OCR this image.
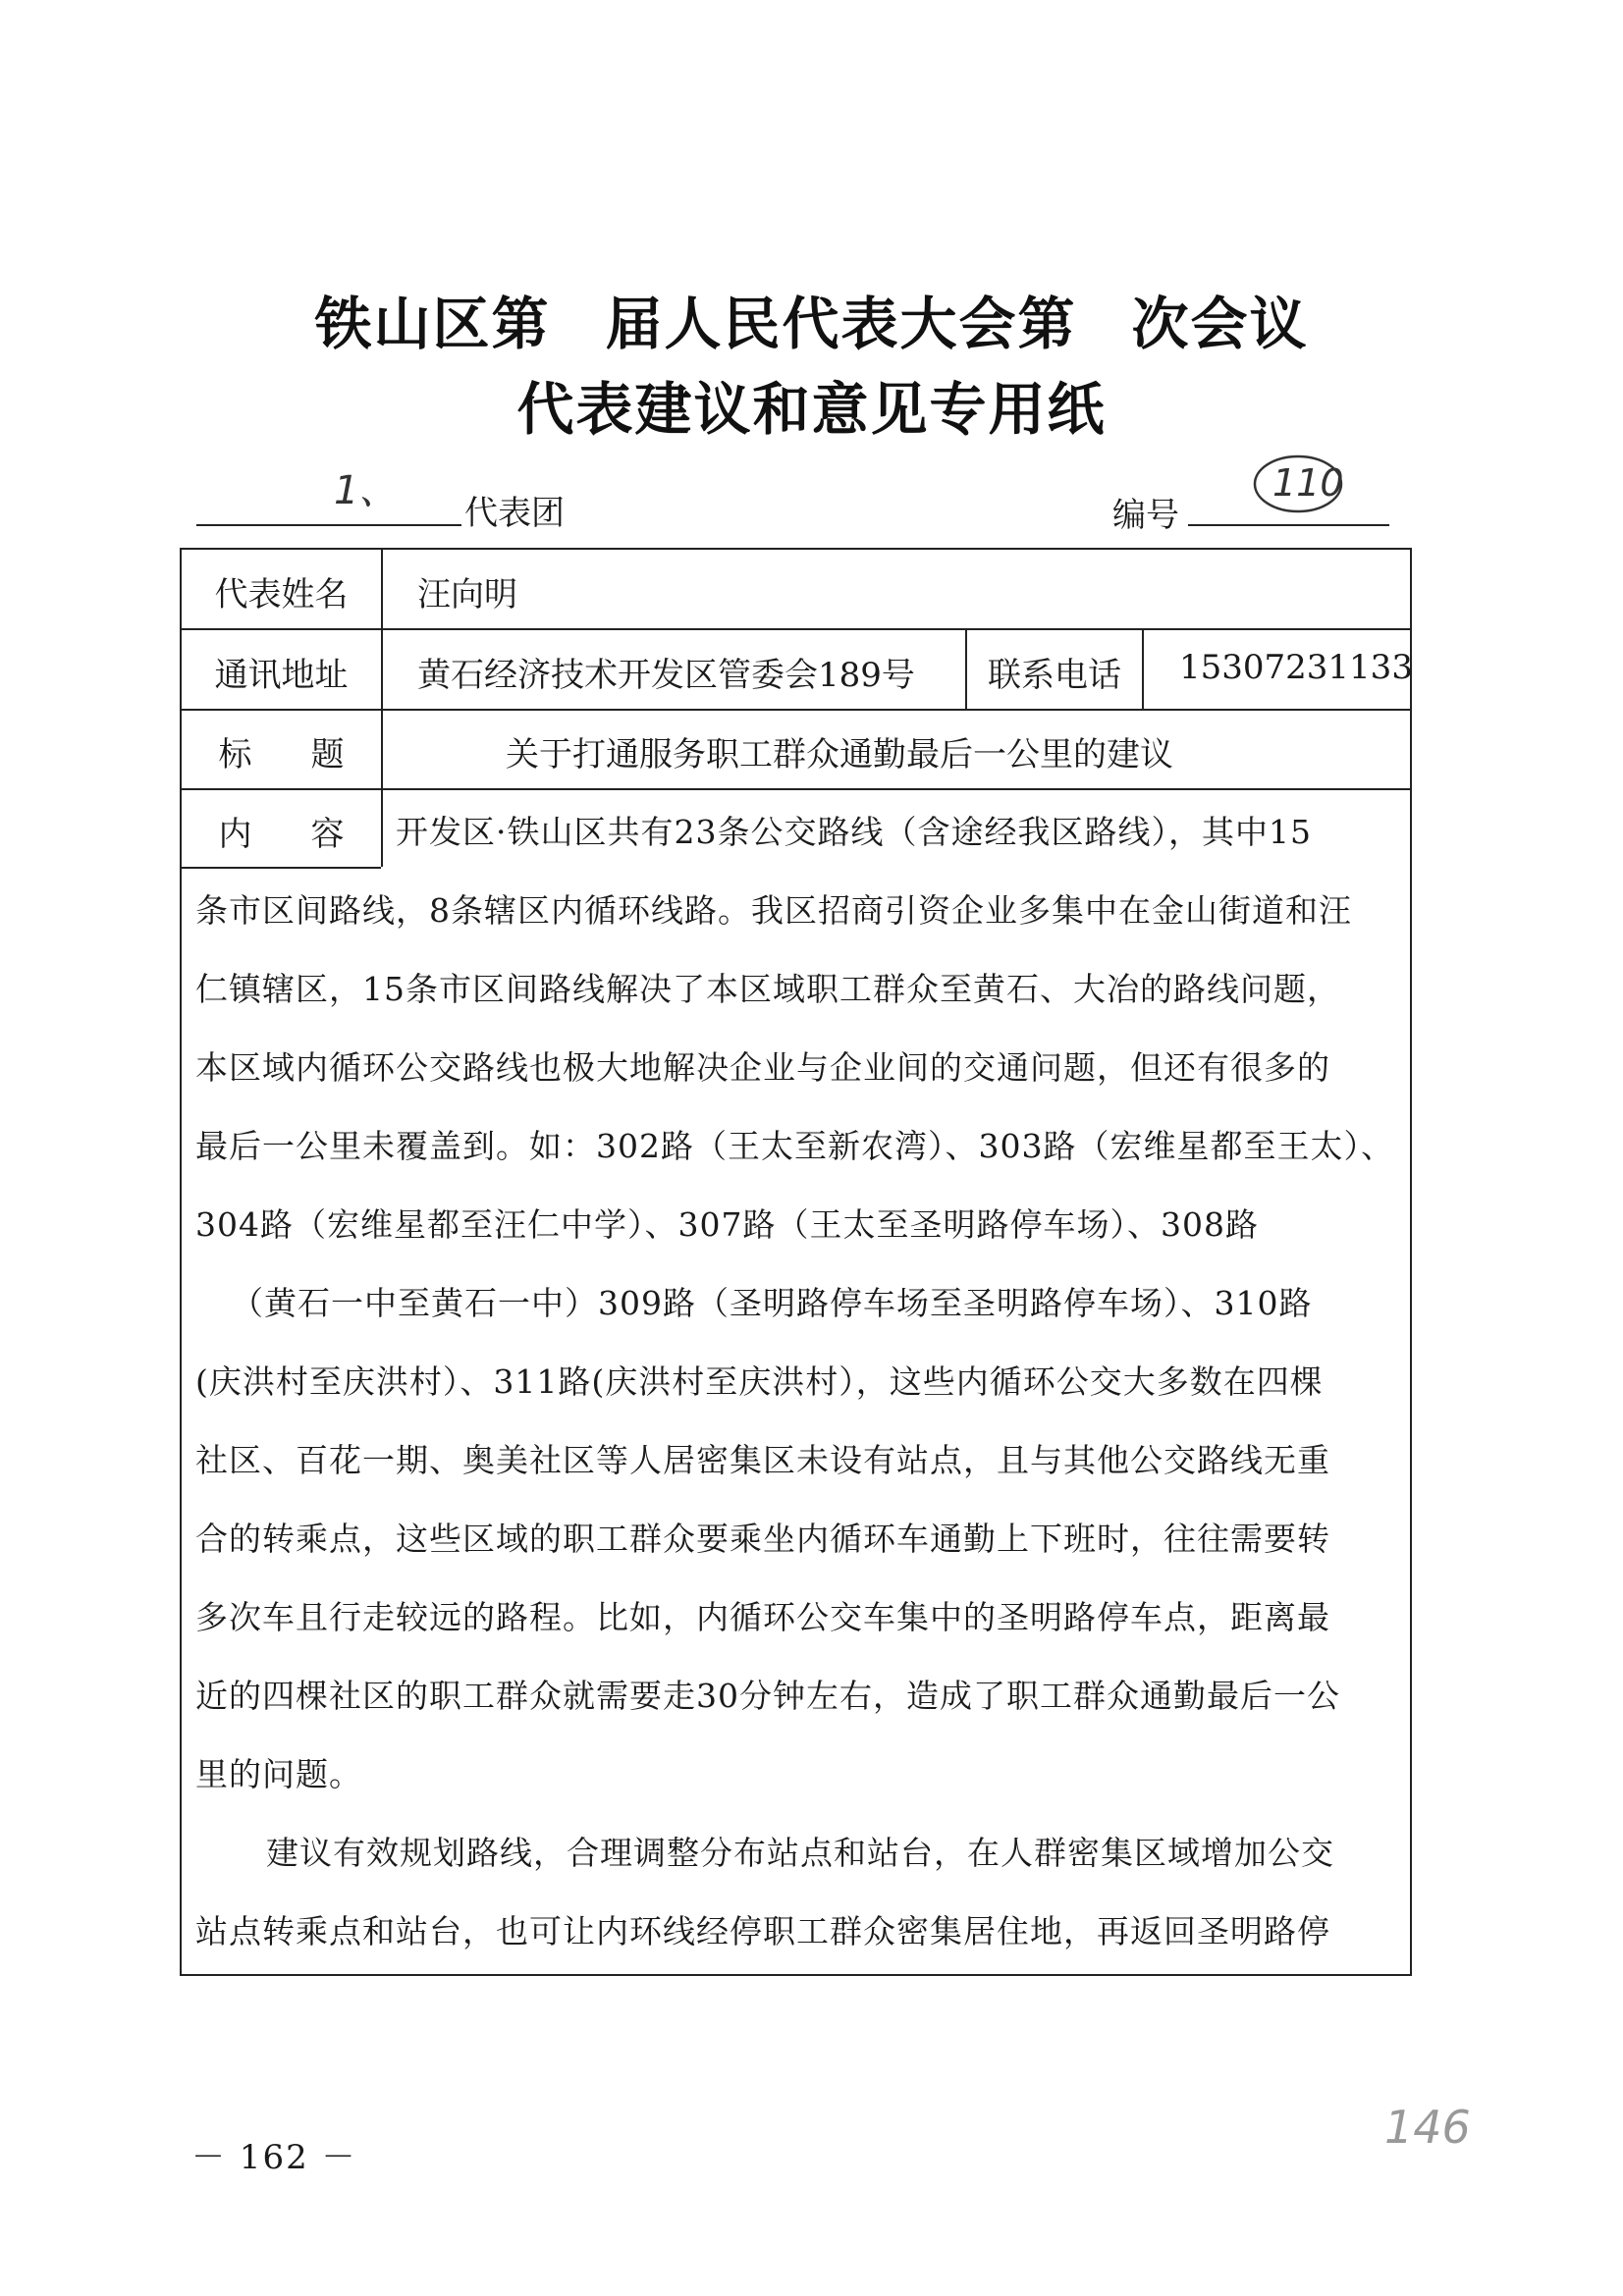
铁山区第 届人民代表大会第 次会议
代表建议和意见专用纸
1、 代表团	编号
110
代表姓名	汪向明
通讯地址	黄石经济技术开发区管委会189号	联系电话	15307231133
标题	关于打通服务职工群众通勤最后一公里的建议
内容
开发区·铁山区共有23条公交路线（含途经我区路线），其中15
条市区间路线，8条辖区内循环线路。我区招商引资企业多集中在金山街道和汪
仁镇辖区，15条市区间路线解决了本区域职工群众至黄石、大冶的路线问题，
本区域内循环公交路线也极大地解决企业与企业间的交通问题，但还有很多的
最后一公里未覆盖到。如：302路（王太至新农湾）、303路（宏维星都至王太）、
304路（宏维星都至汪仁中学）、307路（王太至圣明路停车场）、308路
（黄石一中至黄石一中）309路（圣明路停车场至圣明路停车场）、310路
(庆洪村至庆洪村）、311路(庆洪村至庆洪村），这些内循环公交大多数在四棵
社区、百花一期、奥美社区等人居密集区未设有站点，且与其他公交路线无重
合的转乘点，这些区域的职工群众要乘坐内循环车通勤上下班时，往往需要转
多次车且行走较远的路程。比如，内循环公交车集中的圣明路停车点，距离最
近的四棵社区的职工群众就需要走30分钟左右，造成了职工群众通勤最后一公
里的问题。
建议有效规划路线，合理调整分布站点和站台，在人群密集区域增加公交
站点转乘点和站台，也可让内环线经停职工群众密集居住地，再返回圣明路停
146
－ 162 －
